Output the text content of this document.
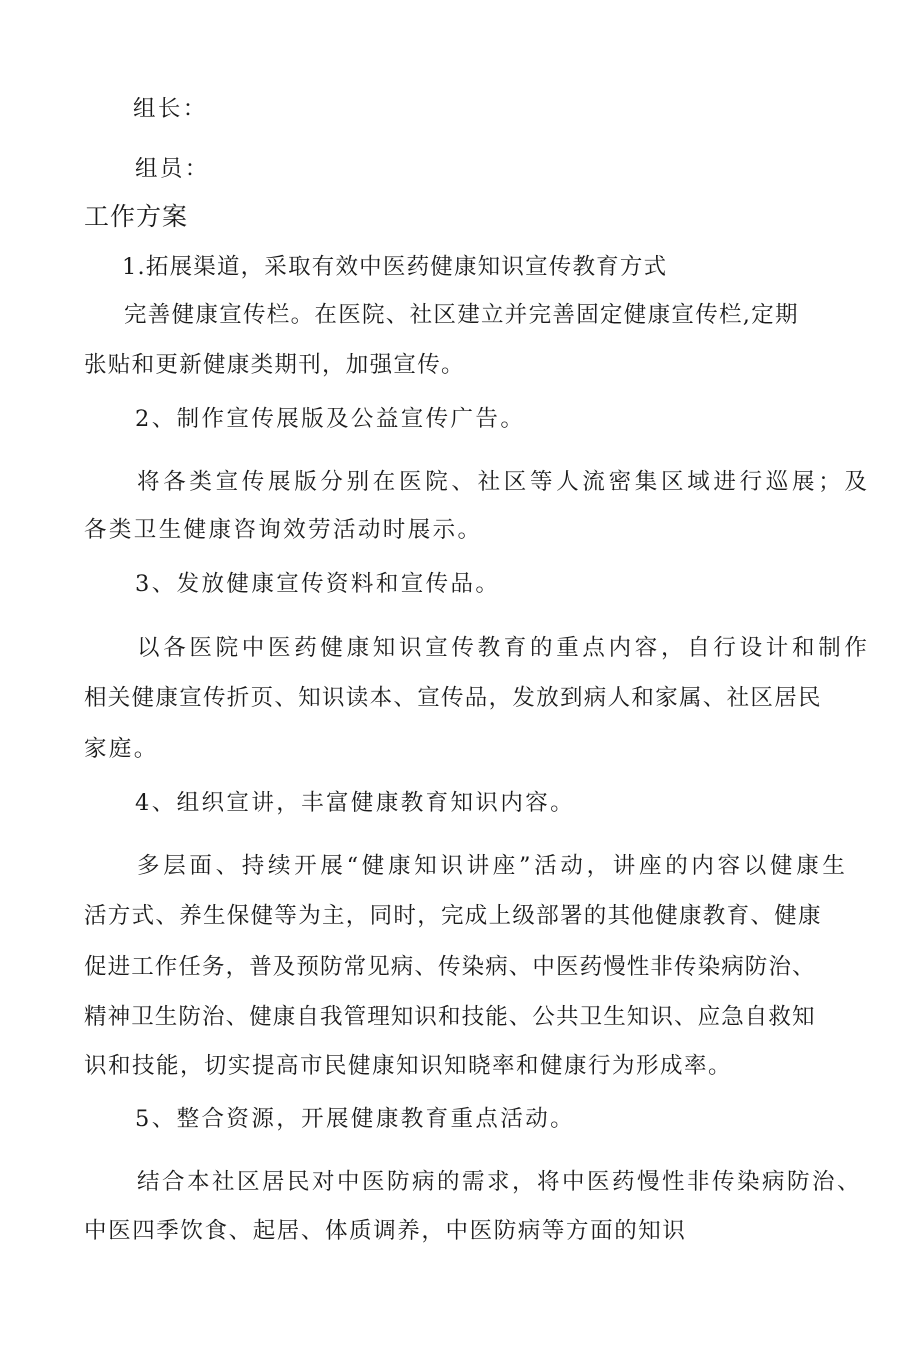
组长：
组员：
工作方案
1.拓展渠道，采取有效中医药健康知识宣传教育方式
完善健康宣传栏。在医院、社区建立并完善固定健康宣传栏,定期
张贴和更新健康类期刊，加强宣传。
2、制作宣传展版及公益宣传广告。
将各类宣传展版分别在医院、社区等人流密集区域进行巡展；及
各类卫生健康咨询效劳活动时展示。
3、发放健康宣传资料和宣传品。
以各医院中医药健康知识宣传教育的重点内容，自行设计和制作
相关健康宣传折页、知识读本、宣传品，发放到病人和家属、社区居民
家庭。
4、组织宣讲，丰富健康教育知识内容。
多层面、持续开展“健康知识讲座”活动，讲座的内容以健康生
活方式、养生保健等为主，同时，完成上级部署的其他健康教育、健康
促进工作任务，普及预防常见病、传染病、中医药慢性非传染病防治、
精神卫生防治、健康自我管理知识和技能、公共卫生知识、应急自救知
识和技能，切实提高市民健康知识知晓率和健康行为形成率。
5、整合资源，开展健康教育重点活动。
结合本社区居民对中医防病的需求，将中医药慢性非传染病防治、
中医四季饮食、起居、体质调养，中医防病等方面的知识
